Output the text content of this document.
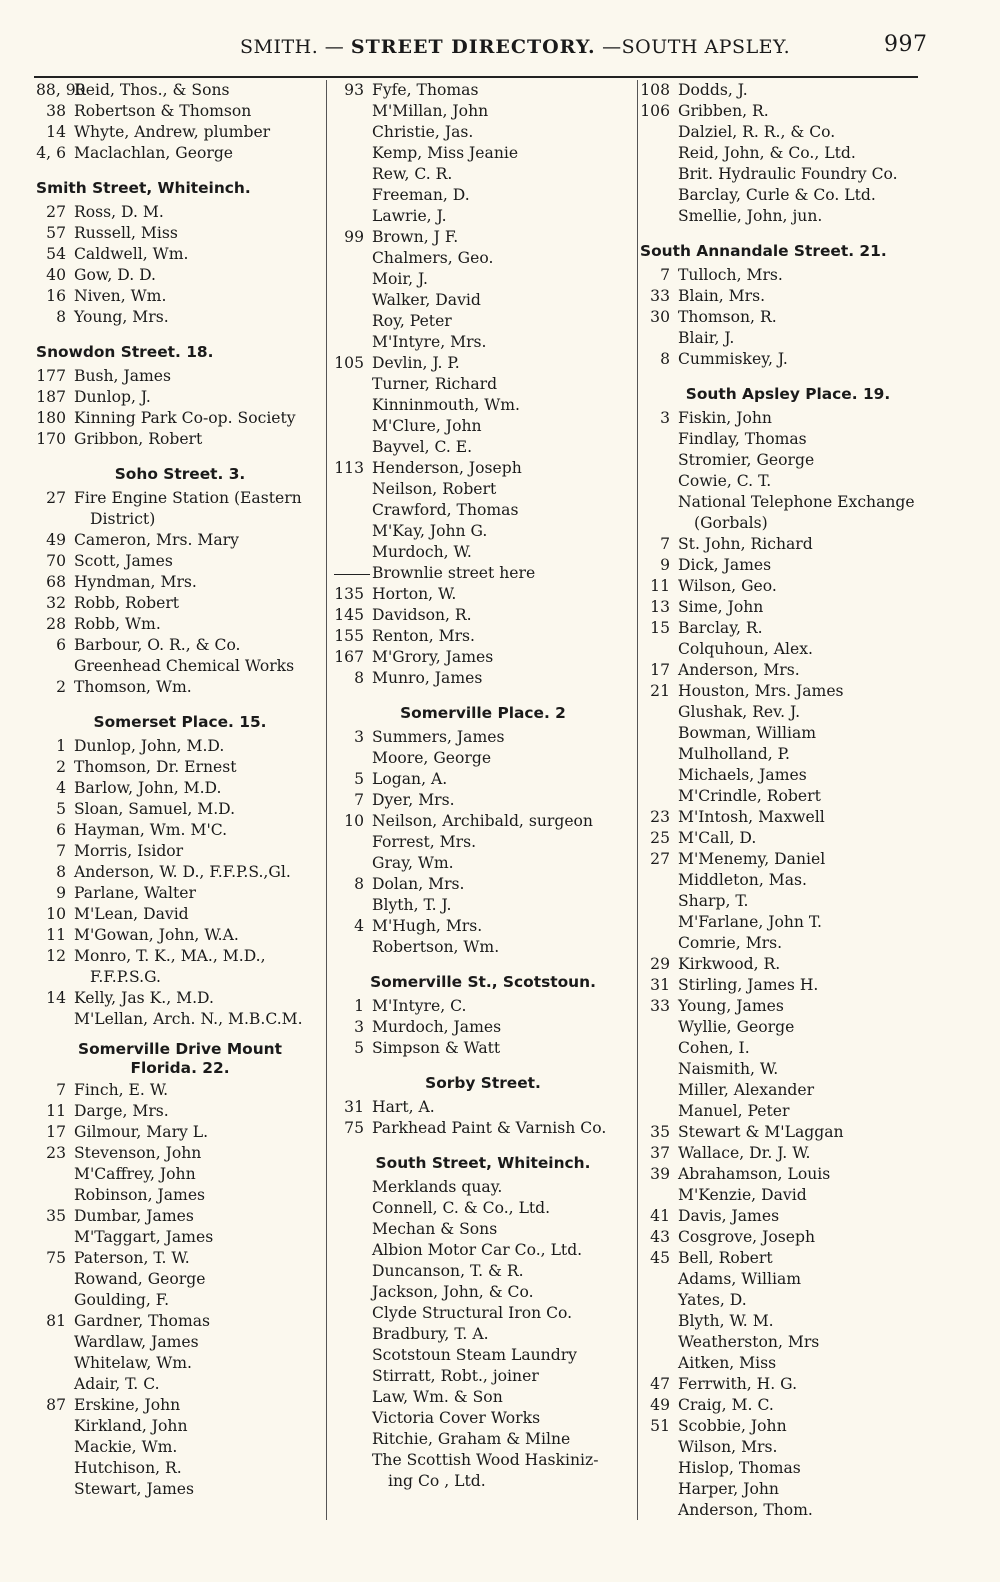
SMITH. — STREET DIRECTORY. —SOUTH APSLEY.	997
88, 90
Reid, Thos., & Sons
38 Robertson & Thomson
14 Whyte, Andrew, plumber
4, 6 Maclachlan, George
Smith Street, Whiteinch.
27 Ross, D. M.
57 Russell, Miss
54 Caldwell, Wm.
40 Gow, D. D.
16 Niven, Wm.
8 Young, Mrs.
Snowdon Street. 18.
177 Bush, James
187 Dunlop, J.
180 Kinning Park Co-op. Society
170 Gribbon, Robert
Soho Street. 3.
27 Fire Engine Station (Eastern
District)
49 Cameron, Mrs. Mary
70 Scott, James
68 Hyndman, Mrs.
32 Robb, Robert
28 Robb, Wm.
6 Barbour, O. R., & Co.
Greenhead Chemical Works
2 Thomson, Wm.
Somerset Place. 15.
1 Dunlop, John, M.D.
2 Thomson, Dr. Ernest
4 Barlow, John, M.D.
5 Sloan, Samuel, M.D.
6 Hayman, Wm. M'C.
7 Morris, Isidor
8 Anderson, W. D., F.F.P.S.,Gl.
9 Parlane, Walter
10 M'Lean, David
11 M'Gowan, John, W.A.
12 Monro, T. K., MA., M.D.,
F.F.P.S.G.
14 Kelly, Jas K., M.D.
M'Lellan, Arch. N., M.B.C.M.
Somerville Drive Mount
Florida. 22.
7 Finch, E. W.
11 Darge, Mrs.
17 Gilmour, Mary L.
23 Stevenson, John
M'Caffrey, John
Robinson, James
35 Dumbar, James
M'Taggart, James
75 Paterson, T. W.
Rowand, George
Goulding, F.
81 Gardner, Thomas
Wardlaw, James
Whitelaw, Wm.
Adair, T. C.
87 Erskine, John
Kirkland, John
Mackie, Wm.
Hutchison, R.
Stewart, James
93 Fyfe, Thomas
M'Millan, John
Christie, Jas.
Kemp, Miss Jeanie
Rew, C. R.
Freeman, D.
Lawrie, J.
99 Brown, J F.
Chalmers, Geo.
Moir, J.
Walker, David
Roy, Peter
M'Intyre, Mrs.
105 Devlin, J. P.
Turner, Richard
Kinninmouth, Wm.
M'Clure, John
Bayvel, C. E.
113 Henderson, Joseph
Neilson, Robert
Crawford, Thomas
M'Kay, John G.
Murdoch, W.
Brownlie street here
135 Horton, W.
145 Davidson, R.
155 Renton, Mrs.
167 M'Grory, James
8 Munro, James
Somerville Place. 2
3 Summers, James
Moore, George
5 Logan, A.
7 Dyer, Mrs.
10 Neilson, Archibald, surgeon
Forrest, Mrs.
Gray, Wm.
8 Dolan, Mrs.
Blyth, T. J.
4 M'Hugh, Mrs.
Robertson, Wm.
Somerville St., Scotstoun.
1 M'Intyre, C.
3 Murdoch, James
5 Simpson & Watt
Sorby Street.
31 Hart, A.
75 Parkhead Paint & Varnish Co.
South Street, Whiteinch.
Merklands quay.
Connell, C. & Co., Ltd.
Mechan & Sons
Albion Motor Car Co., Ltd.
Duncanson, T. & R.
Jackson, John, & Co.
Clyde Structural Iron Co.
Bradbury, T. A.
Scotstoun Steam Laundry
Stirratt, Robt., joiner
Law, Wm. & Son
Victoria Cover Works
Ritchie, Graham & Milne
The Scottish Wood Haskiniz-
ing Co , Ltd.
108 Dodds, J.
106 Gribben, R.
Dalziel, R. R., & Co.
Reid, John, & Co., Ltd.
Brit. Hydraulic Foundry Co.
Barclay, Curle & Co. Ltd.
Smellie, John, jun.
South Annandale Street. 21.
7 Tulloch, Mrs.
33 Blain, Mrs.
30 Thomson, R.
Blair, J.
8 Cummiskey, J.
South Apsley Place. 19.
3 Fiskin, John
Findlay, Thomas
Stromier, George
Cowie, C. T.
National Telephone Exchange
(Gorbals)
7 St. John, Richard
9 Dick, James
11 Wilson, Geo.
13 Sime, John
15 Barclay, R.
Colquhoun, Alex.
17 Anderson, Mrs.
21 Houston, Mrs. James
Glushak, Rev. J.
Bowman, William
Mulholland, P.
Michaels, James
M'Crindle, Robert
23 M'Intosh, Maxwell
25 M'Call, D.
27 M'Menemy, Daniel
Middleton, Mas.
Sharp, T.
M'Farlane, John T.
Comrie, Mrs.
29 Kirkwood, R.
31 Stirling, James H.
33 Young, James
Wyllie, George
Cohen, I.
Naismith, W.
Miller, Alexander
Manuel, Peter
35 Stewart & M'Laggan
37 Wallace, Dr. J. W.
39 Abrahamson, Louis
M'Kenzie, David
41 Davis, James
43 Cosgrove, Joseph
45 Bell, Robert
Adams, William
Yates, D.
Blyth, W. M.
Weatherston, Mrs
Aitken, Miss
47 Ferrwith, H. G.
49 Craig, M. C.
51 Scobbie, John
Wilson, Mrs.
Hislop, Thomas
Harper, John
Anderson, Thom.
